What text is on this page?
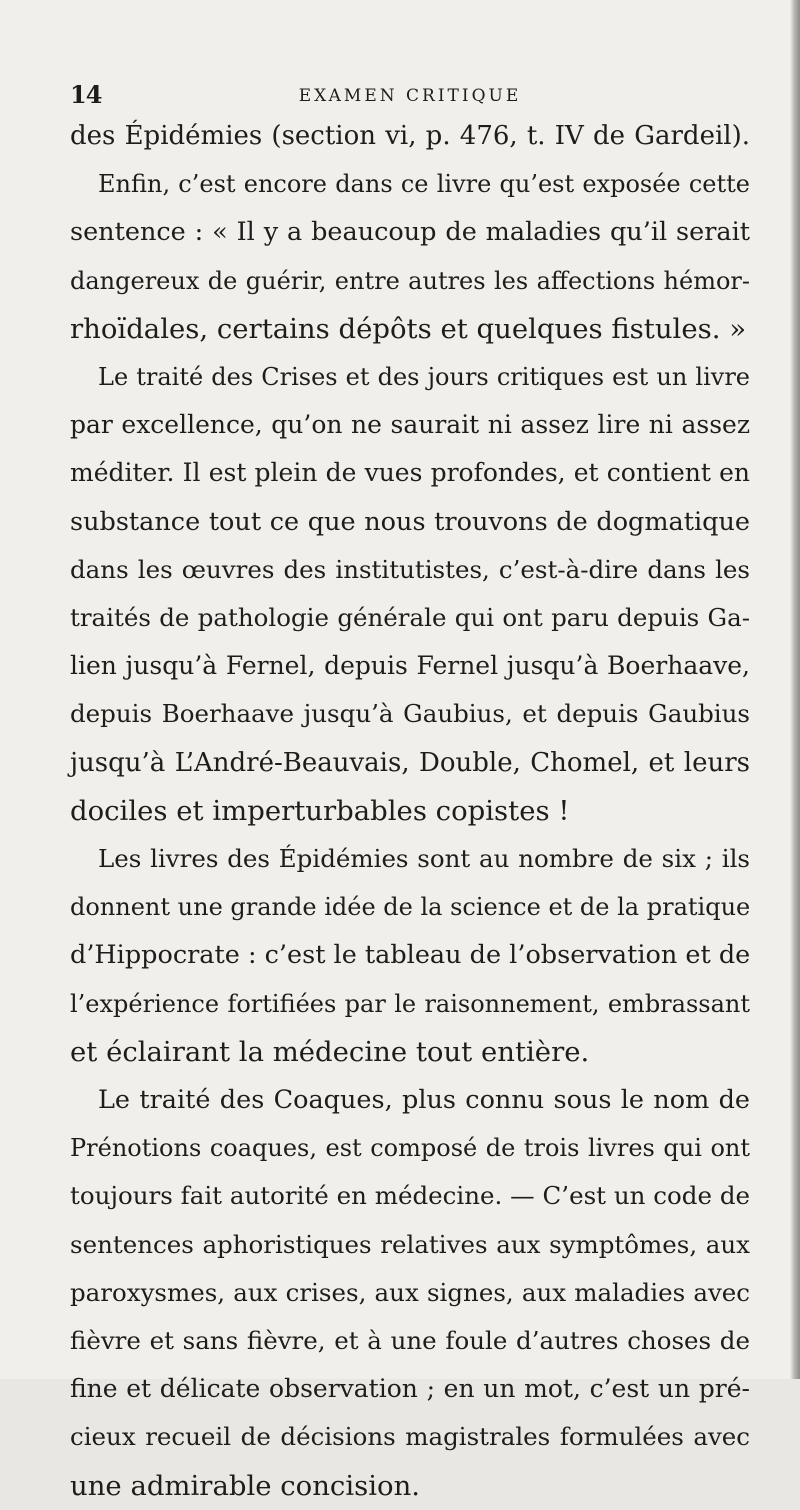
14	EXAMEN CRITIQUE
des Épidémies (section vi, p. 476, t. IV de Gardeil).
Enfin, c’est encore dans ce livre qu’est exposée cette
sentence : « Il y a beaucoup de maladies qu’il serait
dangereux de guérir, entre autres les affections hémor-
rhoïdales, certains dépôts et quelques fistules. »
Le traité des Crises et des jours critiques est un livre
par excellence, qu’on ne saurait ni assez lire ni assez
méditer. Il est plein de vues profondes, et contient en
substance tout ce que nous trouvons de dogmatique
dans les œuvres des institutistes, c’est-à-dire dans les
traités de pathologie générale qui ont paru depuis Ga-
lien jusqu’à Fernel, depuis Fernel jusqu’à Boerhaave,
depuis Boerhaave jusqu’à Gaubius, et depuis Gaubius
jusqu’à L’André-Beauvais, Double, Chomel, et leurs
dociles et imperturbables copistes !
Les livres des Épidémies sont au nombre de six ; ils
donnent une grande idée de la science et de la pratique
d’Hippocrate : c’est le tableau de l’observation et de
l’expérience fortifiées par le raisonnement, embrassant
et éclairant la médecine tout entière.
Le traité des Coaques, plus connu sous le nom de
Prénotions coaques, est composé de trois livres qui ont
toujours fait autorité en médecine. — C’est un code de
sentences aphoristiques relatives aux symptômes, aux
paroxysmes, aux crises, aux signes, aux maladies avec
fièvre et sans fièvre, et à une foule d’autres choses de
fine et délicate observation ; en un mot, c’est un pré-
cieux recueil de décisions magistrales formulées avec
une admirable concision.
